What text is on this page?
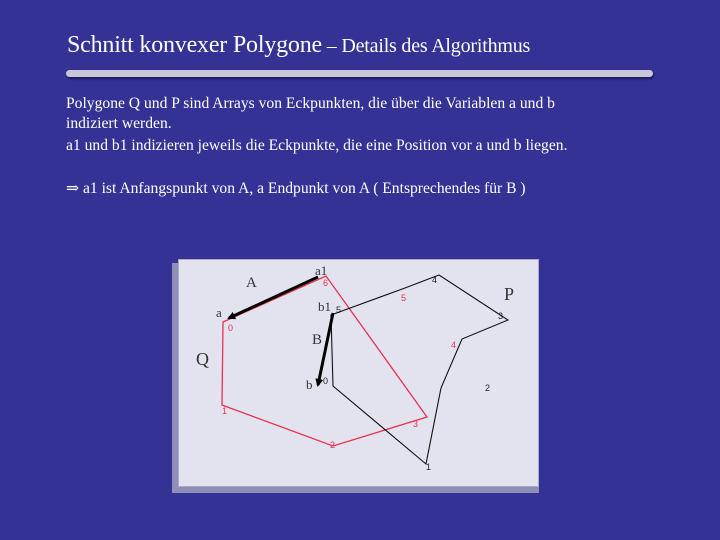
Schnitt konvexer Polygone – Details des Algorithmus
Polygone Q und P sind Arrays von Eckpunkten, die über die Variablen a und b
indiziert werden.
a1 und b1 indizieren jeweils die Eckpunkte, die eine Position vor a und b liegen.
⇒ a1 ist Anfangspunkt von A, a Endpunkt von A ( Entsprechendes für B )
P
Q
A
B
a
a1
b
b1
0
1
2
3
4
5
6
0
1
2
3
4
5
